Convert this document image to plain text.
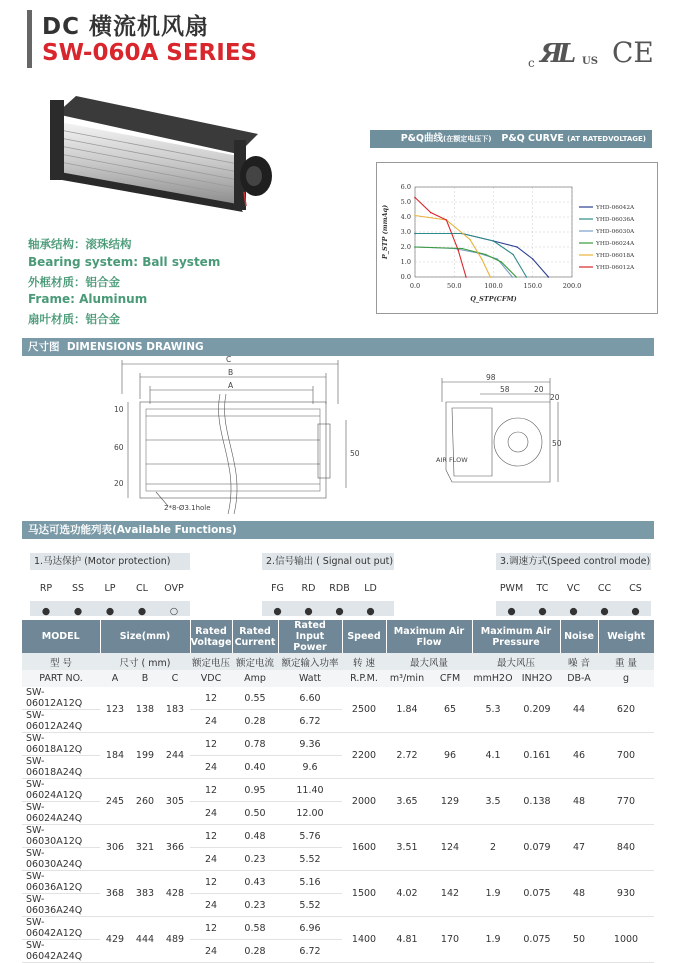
DC 横流机风扇
SW-060A SERIES	c Я
L US CE
轴承结构：滚珠结构
Bearing system: Ball system
外框材质：铝合金
Frame: Aluminum
扇叶材质：铝合金
P&Q曲线(在额定电压下) P&Q CURVE (AT RATEDVOLTAGE)
0.0	50.0	100.0	150.0	200.0
0.0
1.0
2.0
3.0
4.0
5.0
6.0
Q_STP(CFM)
P_STP (mmAq)	YHD-06042A
YHD-06036A
YHD-06030A
YHD-06024A
YHD-06018A
YHD-06012A
尺寸图 DIMENSIONS DRAWING
C
B
A
10
60
20
50
2*8-Ø3.1hole
98
58	20
20
50
AIR FLOW
马达可选功能列表(Available Functions)
1.马达保护 (Motor protection)
RP SS LP CL OVP
● ● ● ● ○
2.信号输出 ( Signal out put)
FG RD RDB LD
● ● ● ●
3.调速方式(Speed control mode)
PWM TC VC CC CS
● ● ● ● ●
MODEL	Size(mm)			Rated Voltage	Rated Current	Rated Input Power	Speed	Maximum Air Flow		Maximum Air Pressure		Noise	Weight
型 号	尺寸 ( mm)			额定电压	额定电流	额定输入功率	转 速	最大风量		最大风压		噪 音	重 量
PART NO.	A	B	C	VDC	Amp	Watt	R.P.M.	m³/min	CFM	mmH2O	INH2O	DB-A	g
SW-06012A12Q	123	138	183	12	0.55	6.60	2500	1.84	65	5.3	0.209	44	620
SW-06012A24Q				24	0.28	6.72							
SW-06018A12Q	184	199	244	12	0.78	9.36	2200	2.72	96	4.1	0.161	46	700
SW-06018A24Q				24	0.40	9.6							
SW-06024A12Q	245	260	305	12	0.95	11.40	2000	3.65	129	3.5	0.138	48	770
SW-06024A24Q				24	0.50	12.00							
SW-06030A12Q	306	321	366	12	0.48	5.76	1600	3.51	124	2	0.079	47	840
SW-06030A24Q				24	0.23	5.52							
SW-06036A12Q	368	383	428	12	0.43	5.16	1500	4.02	142	1.9	0.075	48	930
SW-06036A24Q				24	0.23	5.52							
SW-06042A12Q	429	444	489	12	0.58	6.96	1400	4.81	170	1.9	0.075	50	1000
SW-06042A24Q				24	0.28	6.72							
